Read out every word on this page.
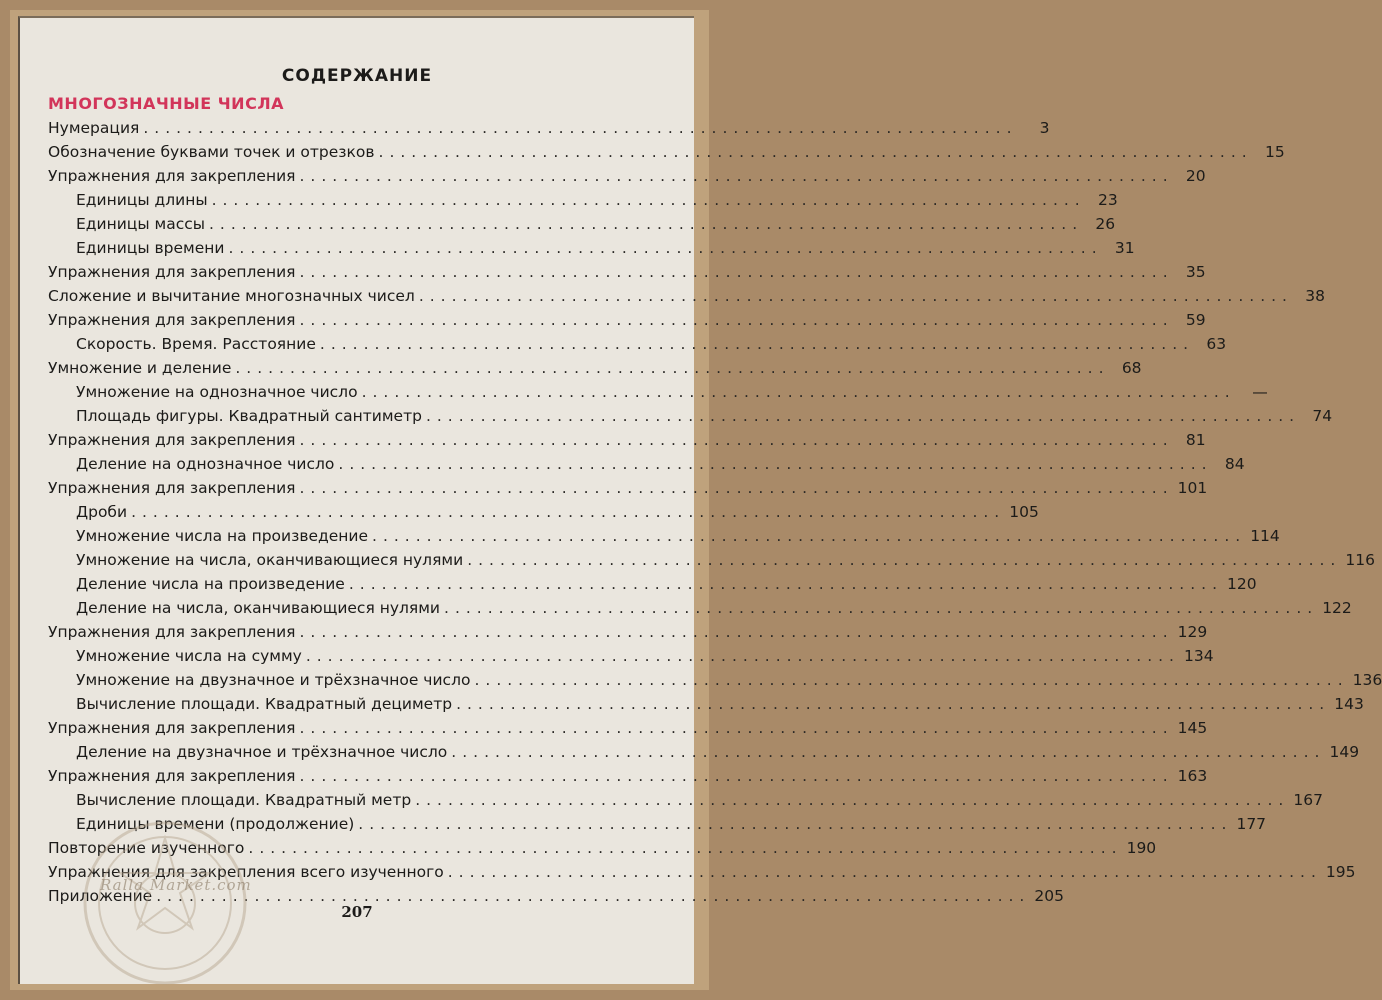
СОДЕРЖАНИЕ
МНОГОЗНАЧНЫЕ ЧИСЛА
Нумерация ................................................................................	3
Обозначение буквами точек и отрезков ................................................................................ 15
Упражнения для закрепления ................................................................................ 20
Единицы длины ................................................................................ 23
Единицы массы ................................................................................ 26
Единицы времени ................................................................................ 31
Упражнения для закрепления ................................................................................ 35
Сложение и вычитание многозначных чисел ................................................................................ 38
Упражнения для закрепления ................................................................................ 59
Скорость. Время. Расстояние ................................................................................ 63
Умножение и деление ................................................................................ 68
Умножение на однозначное число ................................................................................	—
Площадь фигуры. Квадратный сантиметр ................................................................................ 74
Упражнения для закрепления ................................................................................ 81
Деление на однозначное число ................................................................................ 84
Упражнения для закрепления ................................................................................ 101
Дроби ................................................................................ 105
Умножение числа на произведение ................................................................................ 114
Умножение на числа, оканчивающиеся нулями ................................................................................ 116
Деление числа на произведение ................................................................................ 120
Деление на числа, оканчивающиеся нулями ................................................................................ 122
Упражнения для закрепления ................................................................................ 129
Умножение числа на сумму ................................................................................ 134
Умножение на двузначное и трёхзначное число ................................................................................ 136
Вычисление площади. Квадратный дециметр ................................................................................ 143
Упражнения для закрепления ................................................................................ 145
Деление на двузначное и трёхзначное число ................................................................................ 149
Упражнения для закрепления ................................................................................ 163
Вычисление площади. Квадратный метр ................................................................................ 167
Единицы времени (продолжение) ................................................................................ 177
Повторение изученного ................................................................................ 190
Упражнения для закрепления всего изученного ................................................................................ 195
Приложение ................................................................................ 205
207
Ralla Market.com
